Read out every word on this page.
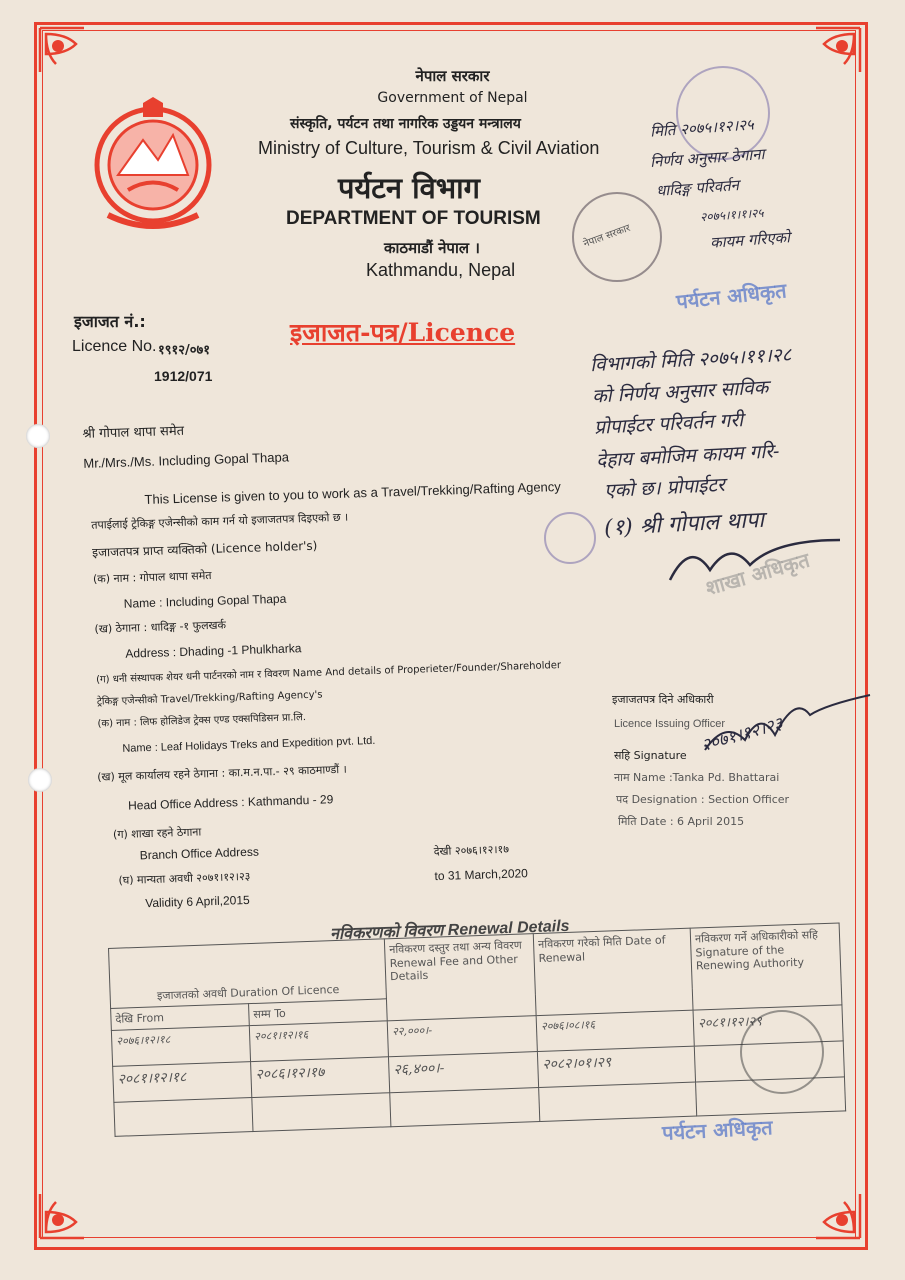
नेपाल सरकार
Government of Nepal
संस्कृति, पर्यटन तथा नागरिक उड्डयन मन्त्रालय
Ministry of Culture, Tourism & Civil Aviation
पर्यटन विभाग
DEPARTMENT OF TOURISM
काठमाडौं नेपाल ।
Kathmandu, Nepal
इजाजत नं.:
Licence No. १९१२/०७१
1912/071
इजाजत-पत्र/Licence
श्री गोपाल थापा समेत
Mr./Mrs./Ms. Including Gopal Thapa
This License is given to you to work as a Travel/Trekking/Rafting Agency
तपाईलाई ट्रेकिङ्ग एजेन्सीको काम गर्न यो इजाजतपत्र दिइएको छ ।
इजाजतपत्र प्राप्त व्यक्तिको (Licence holder's)
(क) नाम : गोपाल थापा समेत
Name : Including Gopal Thapa
(ख) ठेगाना : धादिङ्ग -१ फुलखर्क
Address : Dhading -1 Phulkharka
(ग) धनी संस्थापक शेयर धनी पार्टनरको नाम र विवरण Name And details of Properieter/Founder/Shareholder
ट्रेकिङ्ग एजेन्सीको Travel/Trekking/Rafting Agency's
(क) नाम : लिफ होलिडेज ट्रेक्स एण्ड एक्सपिडिसन प्रा.लि.
Name : Leaf Holidays Treks and Expedition pvt. Ltd.
(ख) मूल कार्यालय रहने ठेगाना : का.म.न.पा.- २९ काठमाण्डौं ।
Head Office Address : Kathmandu - 29
(ग) शाखा रहने ठेगाना
Branch Office Address
(घ) मान्यता अवधी २०७१।१२।२३
Validity 6 April,2015
देखी २०७६।१२।१७
to 31 March,2020
इजाजतपत्र दिने अधिकारी
Licence Issuing Officer
सहि Signature
नाम Name :Tanka Pd. Bhattarai
पद Designation : Section Officer
मिति Date : 6 April 2015
२०७१।१२।२३
नेपाल सरकार
पर्यटन अधिकृत
शाखा अधिकृत
पर्यटन अधिकृत
मिति २०७५।१२।२५
निर्णय अनुसार ठेगाना
धादिङ्ग परिवर्तन
२०७५।१।१।२५
कायम गरिएको
विभागको मिति २०७५।११।२८
को निर्णय अनुसार साविक
प्रोपाईटर परिवर्तन गरी
देहाय बमोजिम कायम गरि-
एको छ। प्रोपाईटर
(१) श्री गोपाल थापा
नविकरणको विवरण Renewal Details
इजाजतको अवधी Duration Of Licence		नविकरण दस्तुर तथा अन्य विवरण Renewal Fee and Other Details	नविकरण गरेको मिति Date of Renewal	नविकरण गर्ने अधिकारीको सहि Signature of the Renewing Authority
देखि From	सम्म To			
२०७६।१२।१८	२०८१।१२।१६	२२,०००।-	२०७६।०८।१६	२०८१।१२।२९
२०८१।१२।१८	२०८६।१२।१७	२६,४००।-	२०८२।०१।२९	
